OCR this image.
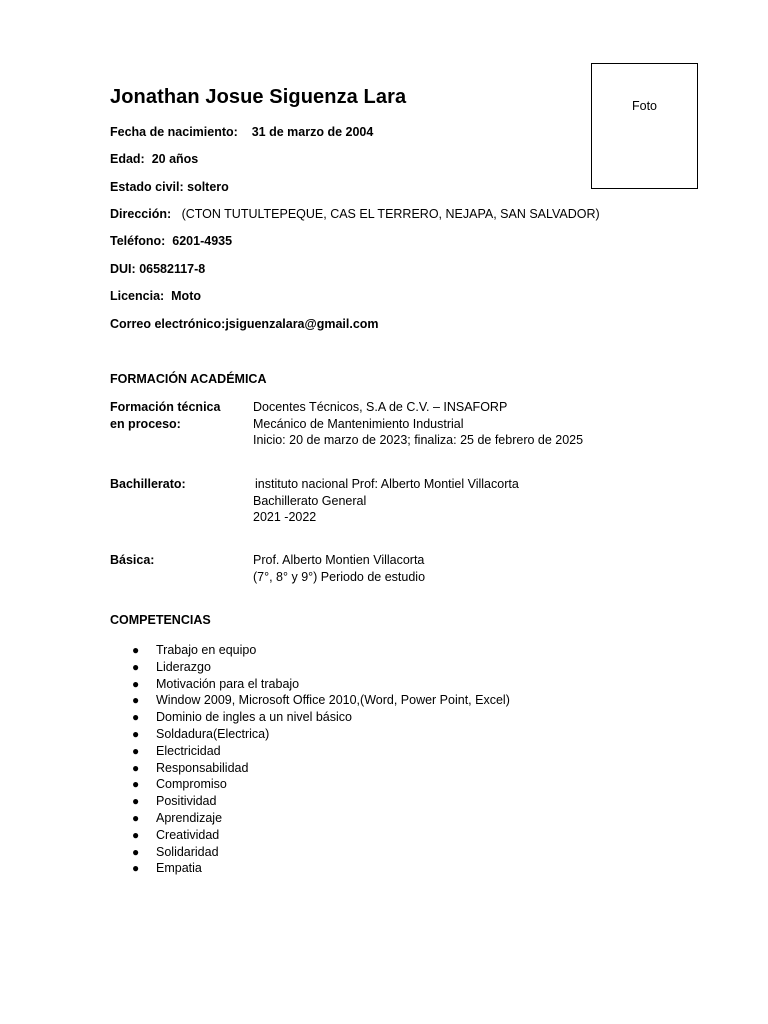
Jonathan Josue Siguenza Lara	Foto
Fecha de nacimiento: 31 de marzo de 2004
Edad: 20 años
Estado civil: soltero
Dirección: (CTON TUTULTEPEQUE, CAS EL TERRERO, NEJAPA, SAN SALVADOR)
Teléfono: 6201-4935
DUI: 06582117-8
Licencia: Moto
Correo electrónico:jsiguenzalara@gmail.com
FORMACIÓN ACADÉMICA
Formación técnica
en proceso:
Docentes Técnicos, S.A de C.V. – INSAFORP
Mecánico de Mantenimiento Industrial
Inicio: 20 de marzo de 2023; finaliza: 25 de febrero de 2025
Bachillerato:	instituto nacional Prof: Alberto Montiel Villacorta
Bachillerato General
2021 -2022
Básica:	Prof. Alberto Montien Villacorta
(7°, 8° y 9°) Periodo de estudio
COMPETENCIAS
● Trabajo en equipo
● Liderazgo
● Motivación para el trabajo
● Window 2009, Microsoft Office 2010,(Word, Power Point, Excel)
● Dominio de ingles a un nivel básico
● Soldadura(Electrica)
● Electricidad
● Responsabilidad
● Compromiso
● Positividad
● Aprendizaje
● Creatividad
● Solidaridad
● Empatia
